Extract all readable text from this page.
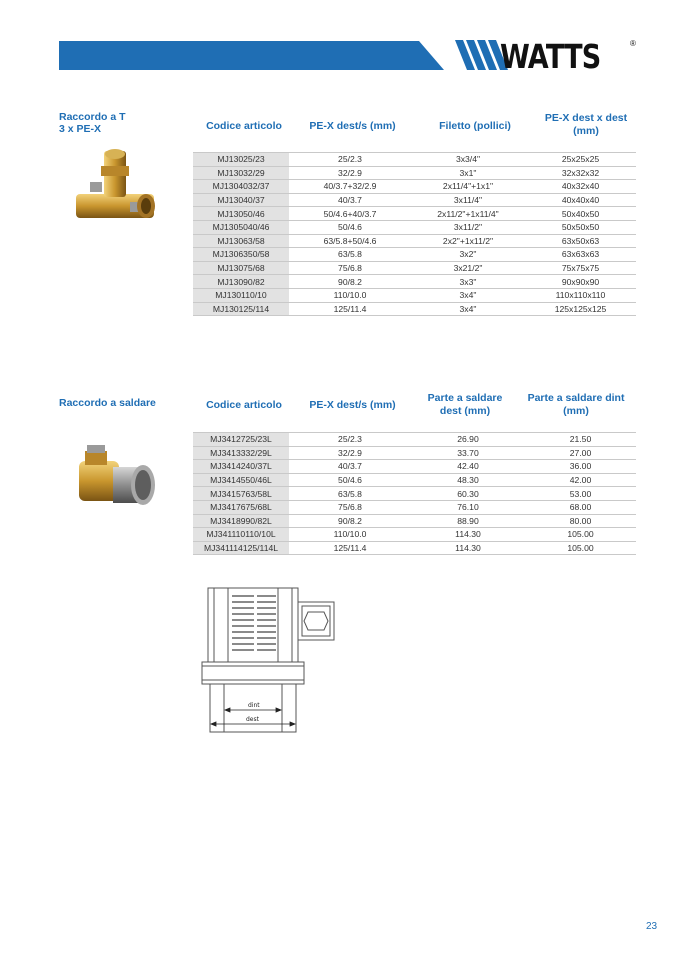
WATTS	®
Raccordo a T
3 x PE-X	Codice articolo	PE-X dest/s (mm)	Filetto (pollici)
PE-X dest x dest
(mm)
MJ13025/23	25/2.3	3x3/4"	25x25x25
MJ13032/29	32/2.9	3x1"	32x32x32
MJ1304032/37	40/3.7+32/2.9	2x11/4"+1x1"	40x32x40
MJ13040/37	40/3.7	3x11/4"	40x40x40
MJ13050/46	50/4.6+40/3.7	2x11/2"+1x11/4"	50x40x50
MJ1305040/46	50/4.6	3x11/2"	50x50x50
MJ13063/58	63/5.8+50/4.6	2x2"+1x11/2"	63x50x63
MJ1306350/58	63/5.8	3x2"	63x63x63
MJ13075/68	75/6.8	3x21/2"	75x75x75
MJ13090/82	90/8.2	3x3"	90x90x90
MJ130110/10	110/10.0	3x4"	110x110x110
MJ130125/114	125/11.4	3x4"	125x125x125
Raccordo a saldare	Codice articolo	PE-X dest/s (mm)
Parte a saldare
dest (mm)
Parte a saldare dint
(mm)
MJ3412725/23L	25/2.3	26.90	21.50
MJ3413332/29L	32/2.9	33.70	27.00
MJ3414240/37L	40/3.7	42.40	36.00
MJ3414550/46L	50/4.6	48.30	42.00
MJ3415763/58L	63/5.8	60.30	53.00
MJ3417675/68L	75/6.8	76.10	68.00
MJ3418990/82L	90/8.2	88.90	80.00
MJ341110110/10L	110/10.0	114.30	105.00
MJ341114125/114L	125/11.4	114.30	105.00
dint
dest
23
